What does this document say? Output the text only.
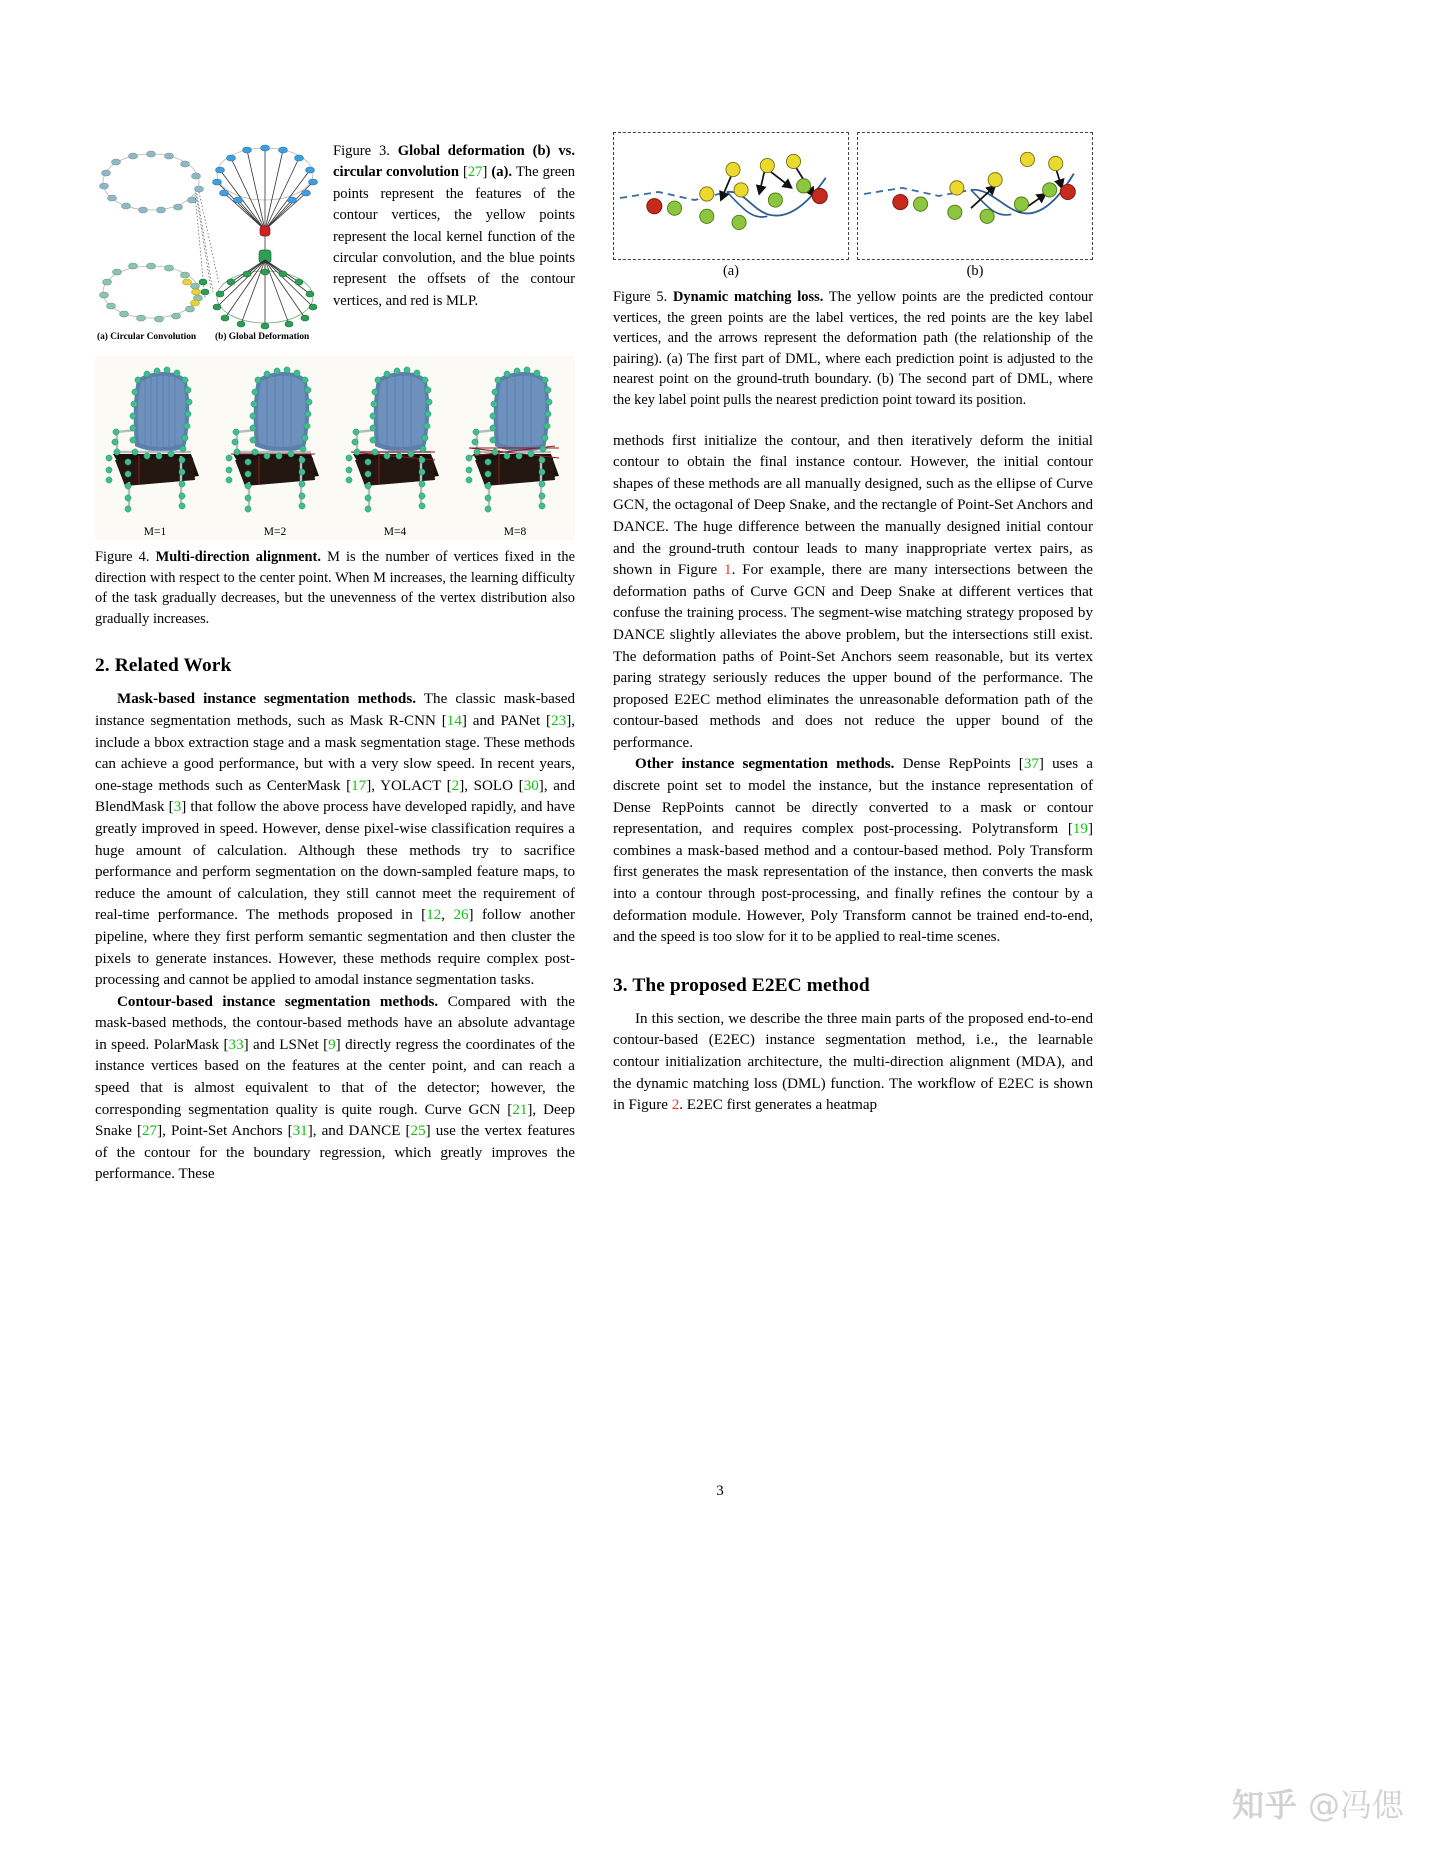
(a) Circular Convolution (b) Global Deformation
Figure 3. Global deformation (b) vs. circular convolution [27] (a). The green points represent the features of the contour vertices, the yellow points represent the local kernel function of the circular convolution, and the blue points represent the offsets of the contour vertices, and red is MLP.
M=1	M=2	M=4	M=8
Figure 4. Multi-direction alignment. M is the number of vertices fixed in the direction with respect to the center point. When M increases, the learning difficulty of the task gradually decreases, but the unevenness of the vertex distribution also gradually increases.
2. Related Work

Mask-based instance segmentation methods. The classic mask-based instance segmentation methods, such as Mask R-CNN [14] and PANet [23], include a bbox extraction stage and a mask segmentation stage. These methods can achieve a good performance, but with a very slow speed. In recent years, one-stage methods such as CenterMask [17], YOLACT [2], SOLO [30], and BlendMask [3] that follow the above process have developed rapidly, and have greatly improved in speed. However, dense pixel-wise classification requires a huge amount of calculation. Although these methods try to sacrifice performance and perform segmentation on the down-sampled feature maps, to reduce the amount of calculation, they still cannot meet the requirement of real-time performance. The methods proposed in [12, 26] follow another pipeline, where they first perform semantic segmentation and then cluster the pixels to generate instances. However, these methods require complex post-processing and cannot be applied to amodal instance segmentation tasks.

Contour-based instance segmentation methods. Compared with the mask-based methods, the contour-based methods have an absolute advantage in speed. PolarMask [33] and LSNet [9] directly regress the coordinates of the instance vertices based on the features at the center point, and can reach a speed that is almost equivalent to that of the detector; however, the corresponding segmentation quality is quite rough. Curve GCN [21], Deep Snake [27], Point-Set Anchors [31], and DANCE [25] use the vertex features of the contour for the boundary regression, which greatly improves the performance. These

(a)	(b)
Figure 5. Dynamic matching loss. The yellow points are the predicted contour vertices, the green points are the label vertices, the red points are the key label vertices, and the arrows represent the deformation path (the relationship of the pairing). (a) The first part of DML, where each prediction point is adjusted to the nearest point on the ground-truth boundary. (b) The second part of DML, where the key label point pulls the nearest prediction point toward its position.

methods first initialize the contour, and then iteratively deform the initial contour to obtain the final instance contour. However, the initial contour shapes of these methods are all manually designed, such as the ellipse of Curve GCN, the octagonal of Deep Snake, and the rectangle of Point-Set Anchors and DANCE. The huge difference between the manually designed initial contour and the ground-truth contour leads to many inappropriate vertex pairs, as shown in Figure 1. For example, there are many intersections between the deformation paths of Curve GCN and Deep Snake at different vertices that confuse the training process. The segment-wise matching strategy proposed by DANCE slightly alleviates the above problem, but the intersections still exist. The deformation paths of Point-Set Anchors seem reasonable, but its vertex paring strategy seriously reduces the upper bound of the performance. The proposed E2EC method eliminates the unreasonable deformation path of the contour-based methods and does not reduce the upper bound of the performance.

Other instance segmentation methods. Dense RepPoints [37] uses a discrete point set to model the instance, but the instance representation of Dense RepPoints cannot be directly converted to a mask or contour representation, and requires complex post-processing. Polytransform [19] combines a mask-based method and a contour-based method. Poly Transform first generates the mask representation of the instance, then converts the mask into a contour through post-processing, and finally refines the contour by a deformation module. However, Poly Transform cannot be trained end-to-end, and the speed is too slow for it to be applied to real-time scenes.

3. The proposed E2EC method

In this section, we describe the three main parts of the proposed end-to-end contour-based (E2EC) instance segmentation method, i.e., the learnable contour initialization architecture, the multi-direction alignment (MDA), and the dynamic matching loss (DML) function. The workflow of E2EC is shown in Figure 2. E2EC first generates a heatmap

3
知乎 @冯偲
